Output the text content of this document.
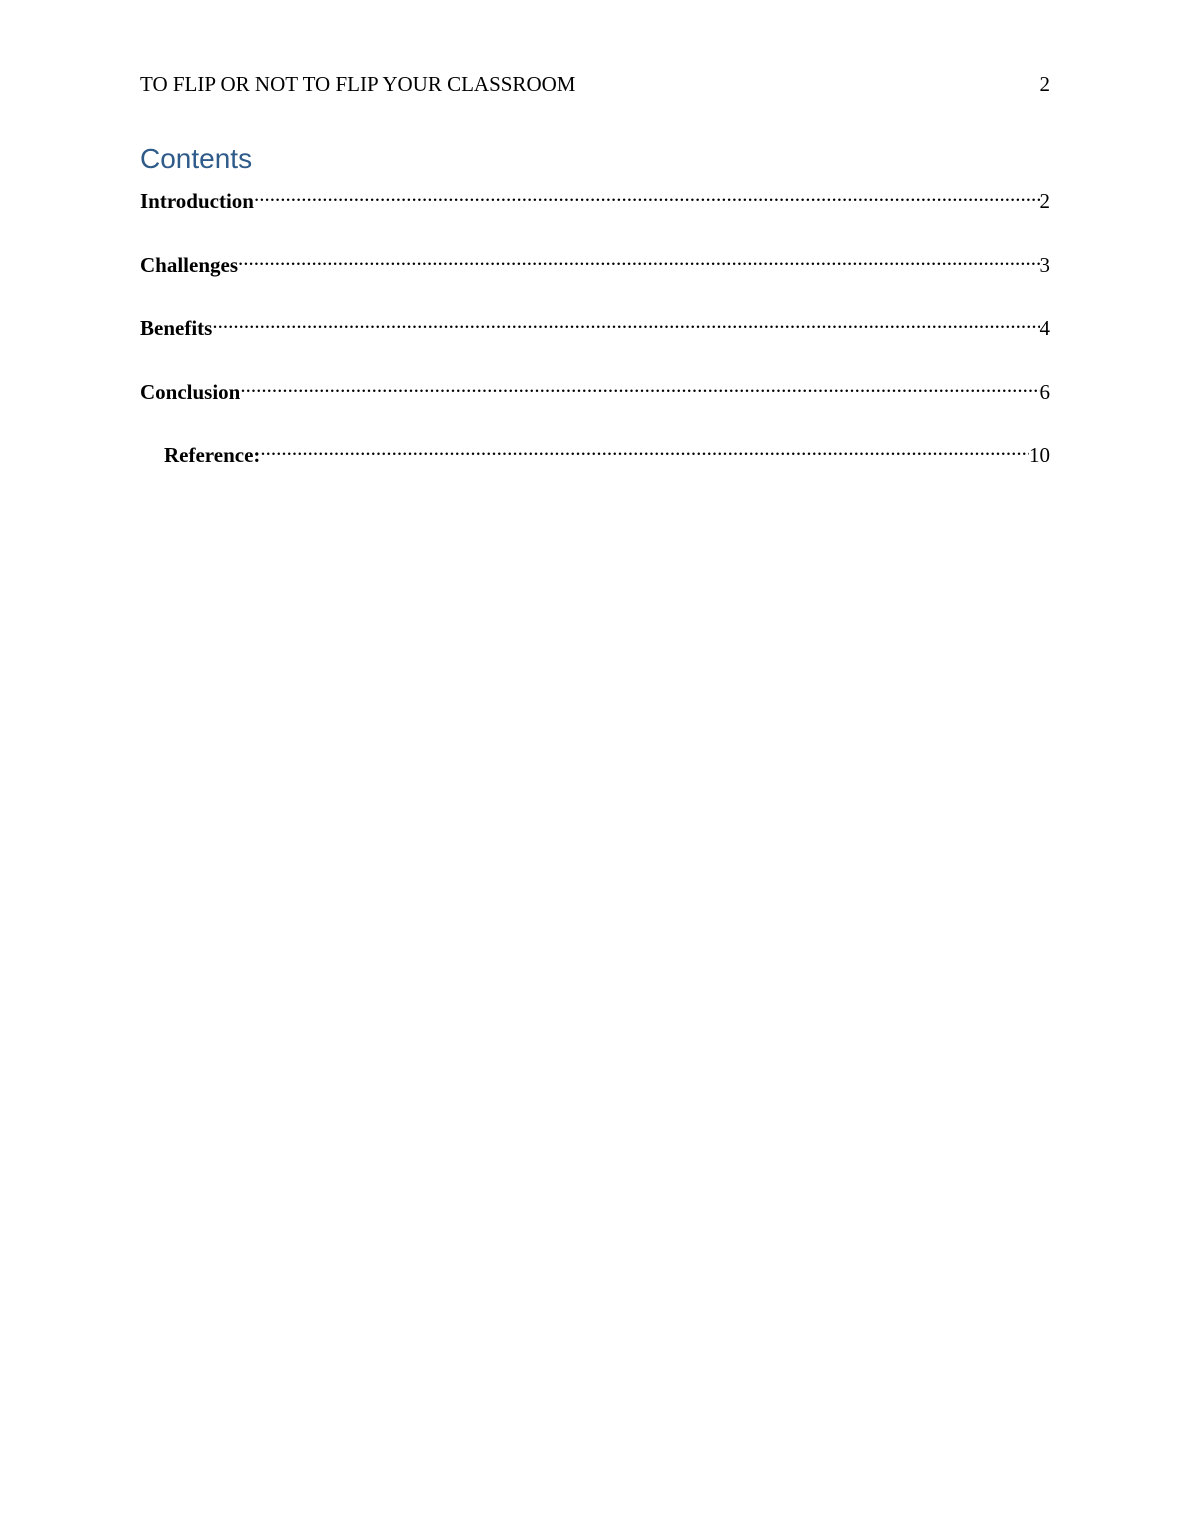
TO FLIP OR NOT TO FLIP YOUR CLASSROOM	2
Contents
Introduction .....	2
Challenges .....	3
Benefits .....	4
Conclusion .....	6
Reference: .....	10
